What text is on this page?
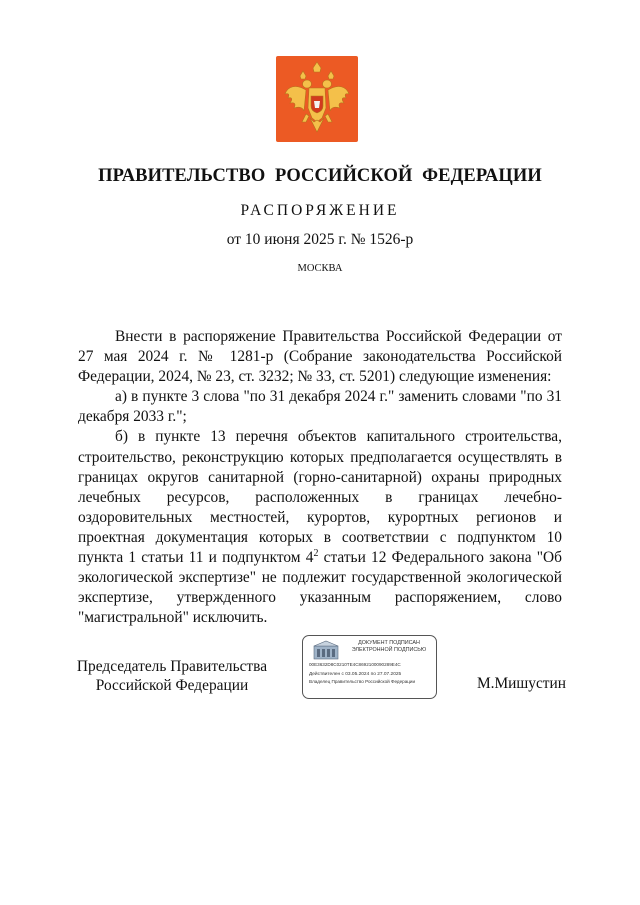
ПРАВИТЕЛЬСТВО РОССИЙСКОЙ ФЕДЕРАЦИИ
РАСПОРЯЖЕНИЕ
от 10 июня 2025 г. № 1526-р
МОСКВА

Внести в распоряжение Правительства Российской Федерации от 27 мая 2024 г. № 1281-р (Собрание законодательства Российской Федерации, 2024, № 23, ст. 3232; № 33, ст. 5201) следующие изменения:

а) в пункте 3 слова "по 31 декабря 2024 г." заменить словами "по 31 декабря 2033 г.";

б) в пункте 13 перечня объектов капитального строительства, строительство, реконструкцию которых предполагается осуществлять в границах округов санитарной (горно-санитарной) охраны природных лечебных ресурсов, расположенных в границах лечебно-оздоровительных местностей, курортов, курортных регионов и проектная документация которых в соответствии с подпунктом 10 пункта 1 статьи 11 и подпунктом $4^2$ статьи 12 Федерального закона "Об экологической экспертизе" не подлежит государственной экологической экспертизе, утвержденного указанным распоряжением, слово "магистральной" исключить.

Председатель Правительства
Российской Федерации
ДОКУМЕНТ ПОДПИСАН
ЭЛЕКТРОННОЙ ПОДПИСЬЮ
00E3632D8C0210TE4C8692100090289E4C
Действителен с 03.05.2024 по 27.07.2025
Владелец Правительство Российской Федерации	М.Мишустин
